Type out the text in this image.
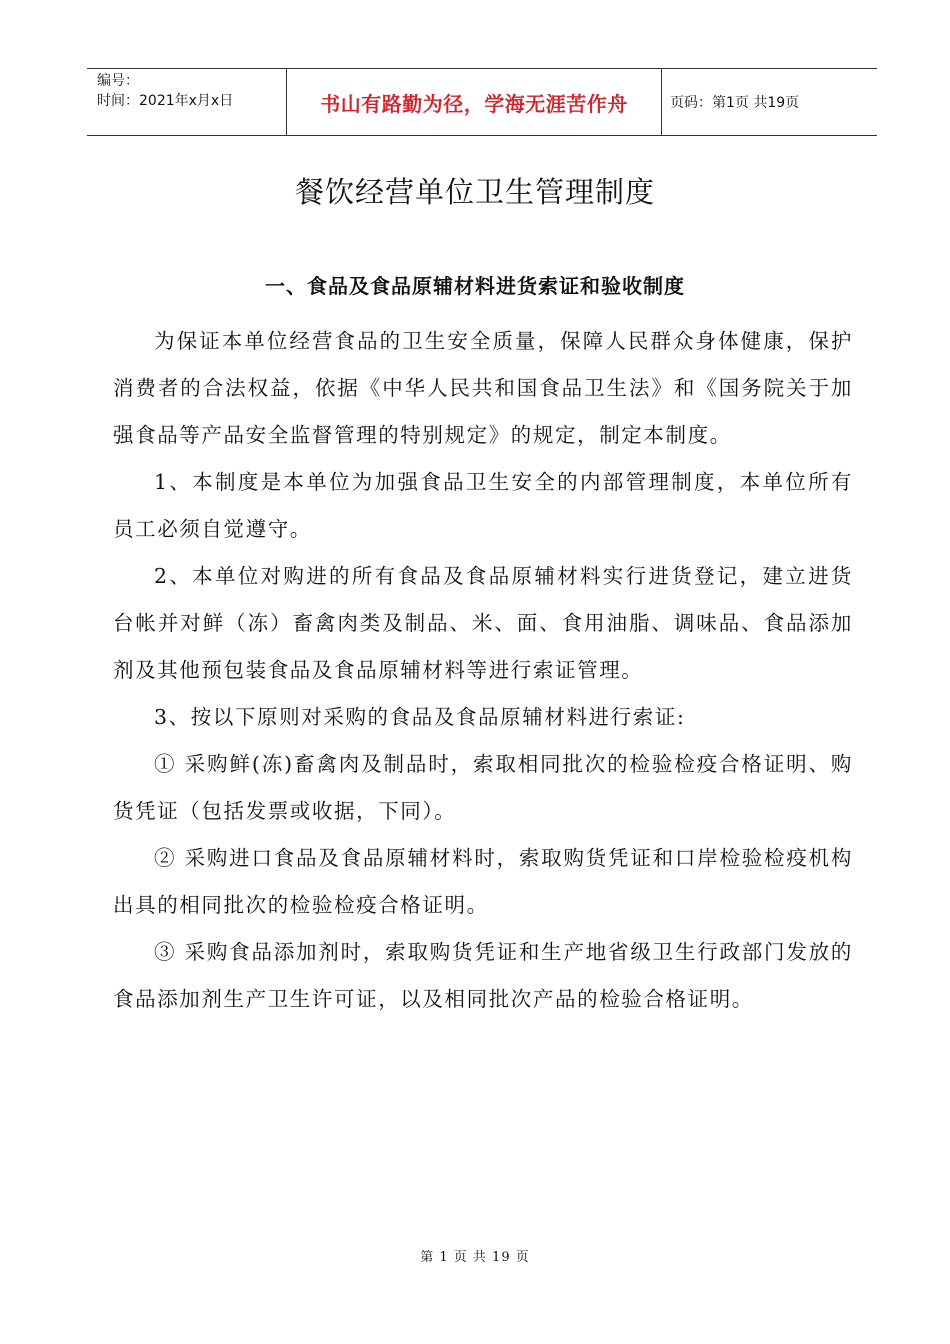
编号：
时间：2021年x月x日	书山有路勤为径，学海无涯苦作舟	页码：第1页 共19页
餐饮经营单位卫生管理制度
一、食品及食品原辅材料进货索证和验收制度

为保证本单位经营食品的卫生安全质量，保障人民群众身体健康，保护消费者的合法权益，依据《中华人民共和国食品卫生法》和《国务院关于加强食品等产品安全监督管理的特别规定》的规定，制定本制度。

1、本制度是本单位为加强食品卫生安全的内部管理制度，本单位所有员工必须自觉遵守。

2、本单位对购进的所有食品及食品原辅材料实行进货登记，建立进货台帐并对鲜（冻）畜禽肉类及制品、米、面、食用油脂、调味品、食品添加剂及其他预包装食品及食品原辅材料等进行索证管理。

3、按以下原则对采购的食品及食品原辅材料进行索证:

① 采购鲜(冻)畜禽肉及制品时，索取相同批次的检验检疫合格证明、购货凭证（包括发票或收据，下同）。

② 采购进口食品及食品原辅材料时，索取购货凭证和口岸检验检疫机构出具的相同批次的检验检疫合格证明。

③ 采购食品添加剂时，索取购货凭证和生产地省级卫生行政部门发放的食品添加剂生产卫生许可证，以及相同批次产品的检验合格证明。

第 1 页 共 19 页
